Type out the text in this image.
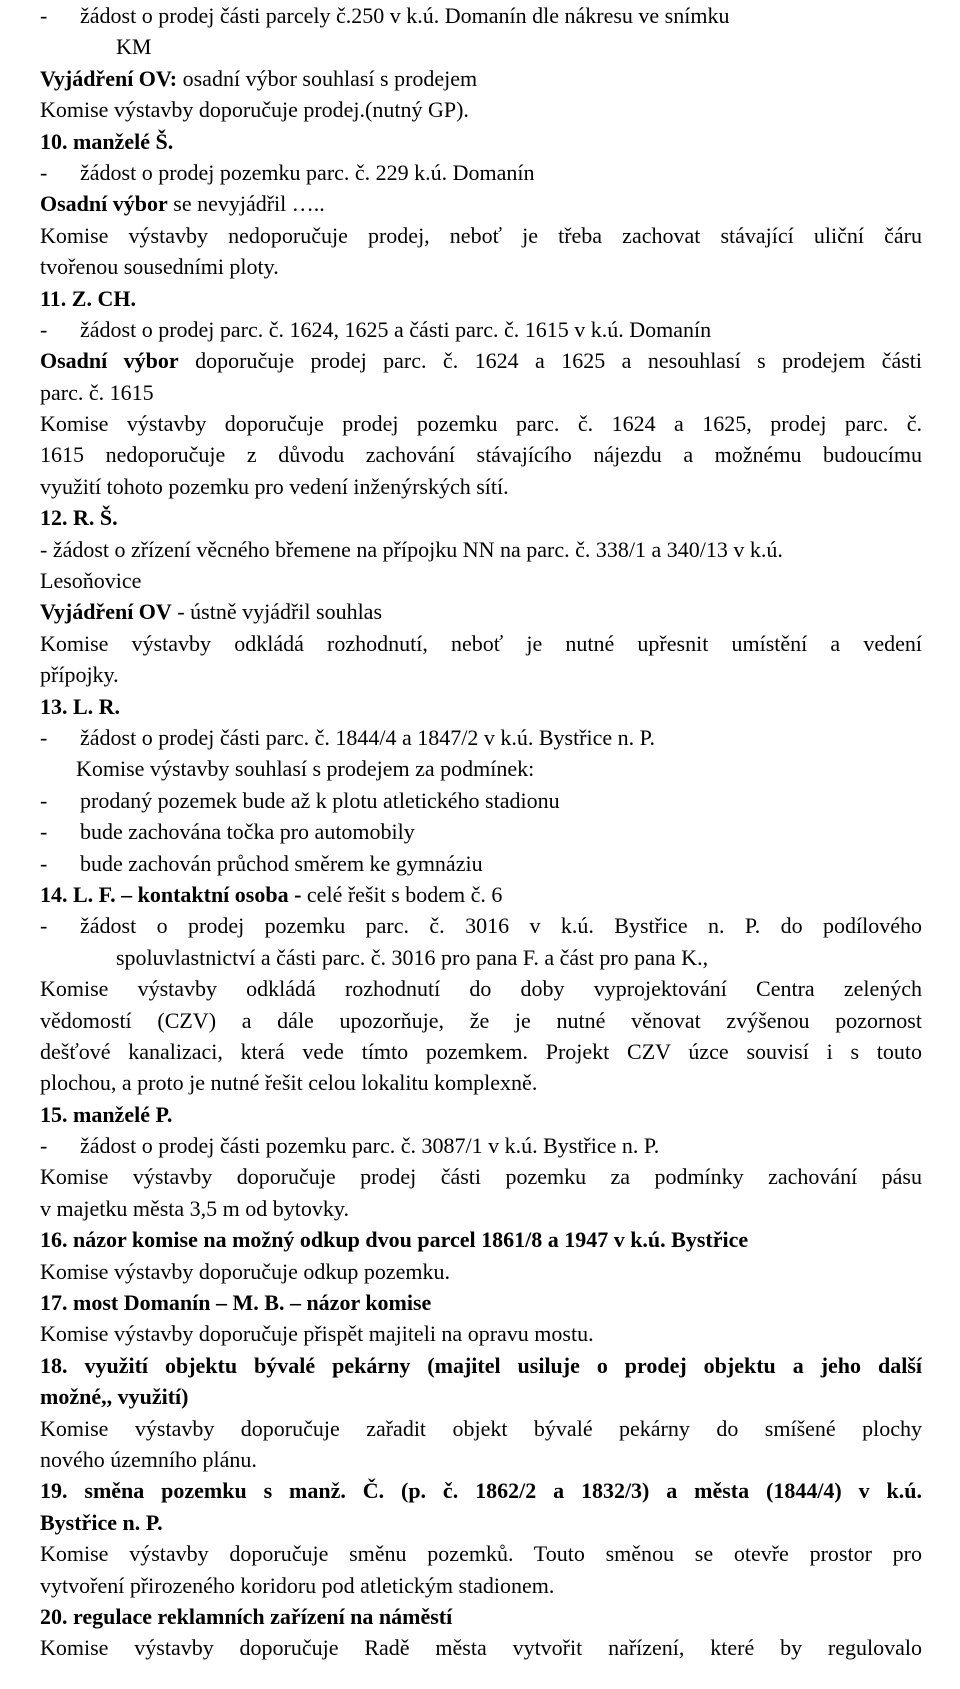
- žádost o prodej části parcely č.250 v k.ú. Domanín dle nákresu ve snímku
KM
Vyjádření OV: osadní výbor souhlasí s prodejem
Komise výstavby doporučuje prodej.(nutný GP).
10. manželé Š.
- žádost o prodej pozemku parc. č. 229 k.ú. Domanín
Osadní výbor se nevyjádřil …..
Komise výstavby nedoporučuje prodej, neboť je třeba zachovat stávající uliční čáru
tvořenou sousedními ploty.
11. Z. CH.
- žádost o prodej parc. č. 1624, 1625 a části parc. č. 1615 v k.ú. Domanín
Osadní výbor doporučuje prodej parc. č. 1624 a 1625 a nesouhlasí s prodejem části
parc. č. 1615
Komise výstavby doporučuje prodej pozemku parc. č. 1624 a 1625, prodej parc. č.
1615 nedoporučuje z důvodu zachování stávajícího nájezdu a možnému budoucímu
využití tohoto pozemku pro vedení inženýrských sítí.
12. R. Š.
- žádost o zřízení věcného břemene na přípojku NN na parc. č. 338/1 a 340/13 v k.ú.
Lesoňovice
Vyjádření OV - ústně vyjádřil souhlas
Komise výstavby odkládá rozhodnutí, neboť je nutné upřesnit umístění a vedení
přípojky.
13. L. R.
- žádost o prodej části parc. č. 1844/4 a 1847/2 v k.ú. Bystřice n. P.
Komise výstavby souhlasí s prodejem za podmínek:
- prodaný pozemek bude až k plotu atletického stadionu
- bude zachována točka pro automobily
- bude zachován průchod směrem ke gymnáziu
14. L. F. – kontaktní osoba - celé řešit s bodem č. 6
- žádost o prodej pozemku parc. č. 3016 v k.ú. Bystřice n. P. do podílového
spoluvlastnictví a části parc. č. 3016 pro pana F. a část pro pana K.,
Komise výstavby odkládá rozhodnutí do doby vyprojektování Centra zelených
vědomostí (CZV) a dále upozorňuje, že je nutné věnovat zvýšenou pozornost
dešťové kanalizaci, která vede tímto pozemkem. Projekt CZV úzce souvisí i s touto
plochou, a proto je nutné řešit celou lokalitu komplexně.
15. manželé P.
- žádost o prodej části pozemku parc. č. 3087/1 v k.ú. Bystřice n. P.
Komise výstavby doporučuje prodej části pozemku za podmínky zachování pásu
v majetku města 3,5 m od bytovky.
16. názor komise na možný odkup dvou parcel 1861/8 a 1947 v k.ú. Bystřice
Komise výstavby doporučuje odkup pozemku.
17. most Domanín – M. B. – názor komise
Komise výstavby doporučuje přispět majiteli na opravu mostu.
18. využití objektu bývalé pekárny (majitel usiluje o prodej objektu a jeho další
možné,, využití)
Komise výstavby doporučuje zařadit objekt bývalé pekárny do smíšené plochy
nového územního plánu.
19. směna pozemku s manž. Č. (p. č. 1862/2 a 1832/3) a města (1844/4) v k.ú.
Bystřice n. P.
Komise výstavby doporučuje směnu pozemků. Touto směnou se otevře prostor pro
vytvoření přirozeného koridoru pod atletickým stadionem.
20. regulace reklamních zařízení na náměstí
Komise výstavby doporučuje Radě města vytvořit nařízení, které by regulovalo
